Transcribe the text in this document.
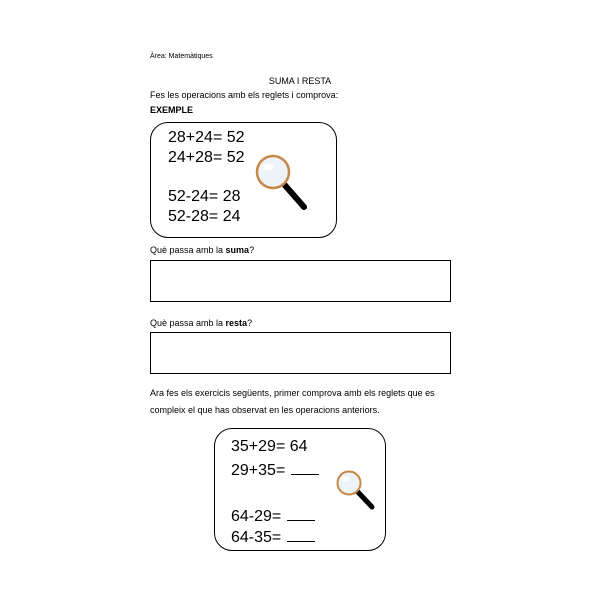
Àrea: Matemàtiques
SUMA I RESTA
Fes les operacions amb els reglets i comprova:
EXEMPLE
28+24= 52
24+28= 52
52-24= 28
52-28= 24
Què passa amb la suma?
Què passa amb la resta?
Ara fes els exercicis següents, primer comprova amb els reglets que es compleix el que has observat en les operacions anteriors.
35+29= 64
29+35=
64-29=
64-35=
